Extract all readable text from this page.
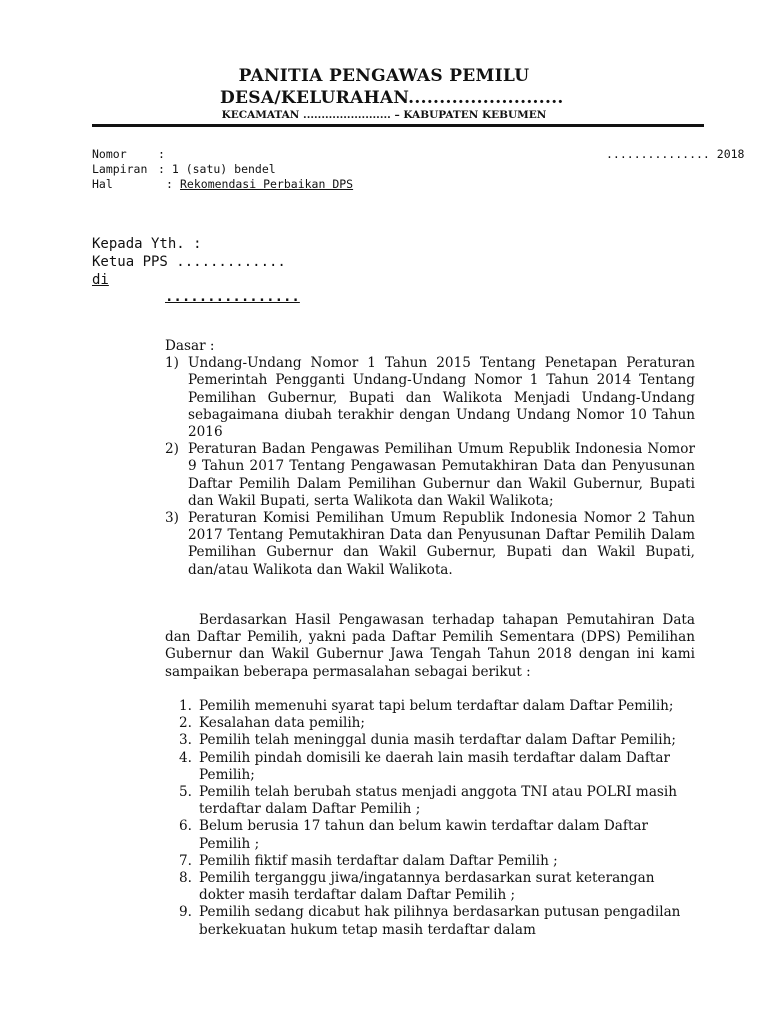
PANITIA PENGAWAS PEMILU
DESA/KELURAHAN.........................
KECAMATAN ........................ – KABUPATEN KEBUMEN
Nomor	:	............... 2018
Lampiran : 1 (satu) bendel
Hal	: Rekomendasi Perbaikan DPS
Kepada Yth. :
Ketua PPS .............
di
................
Dasar :
1) Undang-Undang Nomor 1 Tahun 2015 Tentang Penetapan Peraturan Pemerintah Pengganti Undang-Undang Nomor 1 Tahun 2014 Tentang Pemilihan Gubernur, Bupati dan Walikota Menjadi Undang-Undang sebagaimana diubah terakhir dengan Undang Undang Nomor 10 Tahun 2016
2) Peraturan Badan Pengawas Pemilihan Umum Republik Indonesia Nomor 9 Tahun 2017 Tentang Pengawasan Pemutakhiran Data dan Penyusunan Daftar Pemilih Dalam Pemilihan Gubernur dan Wakil Gubernur, Bupati dan Wakil Bupati, serta Walikota dan Wakil Walikota;
3) Peraturan Komisi Pemilihan Umum Republik Indonesia Nomor 2 Tahun 2017 Tentang Pemutakhiran Data dan Penyusunan Daftar Pemilih Dalam Pemilihan Gubernur dan Wakil Gubernur, Bupati dan Wakil Bupati, dan/atau Walikota dan Wakil Walikota.
Berdasarkan Hasil Pengawasan terhadap tahapan Pemutahiran Data dan Daftar Pemilih, yakni pada Daftar Pemilih Sementara (DPS) Pemilihan Gubernur dan Wakil Gubernur Jawa Tengah Tahun 2018 dengan ini kami sampaikan beberapa permasalahan sebagai berikut :
1. Pemilih memenuhi syarat tapi belum terdaftar dalam Daftar Pemilih;
2. Kesalahan data pemilih;
3. Pemilih telah meninggal dunia masih terdaftar dalam Daftar Pemilih;
4. Pemilih pindah domisili ke daerah lain masih terdaftar dalam Daftar Pemilih;
5. Pemilih telah berubah status menjadi anggota TNI atau POLRI masih terdaftar dalam Daftar Pemilih ;
6. Belum berusia 17 tahun dan belum kawin terdaftar dalam Daftar Pemilih ;
7. Pemilih fiktif masih terdaftar dalam Daftar Pemilih ;
8. Pemilih terganggu jiwa/ingatannya berdasarkan surat keterangan dokter masih terdaftar dalam Daftar Pemilih ;
9. Pemilih sedang dicabut hak pilihnya berdasarkan putusan pengadilan berkekuatan hukum tetap masih terdaftar dalam
